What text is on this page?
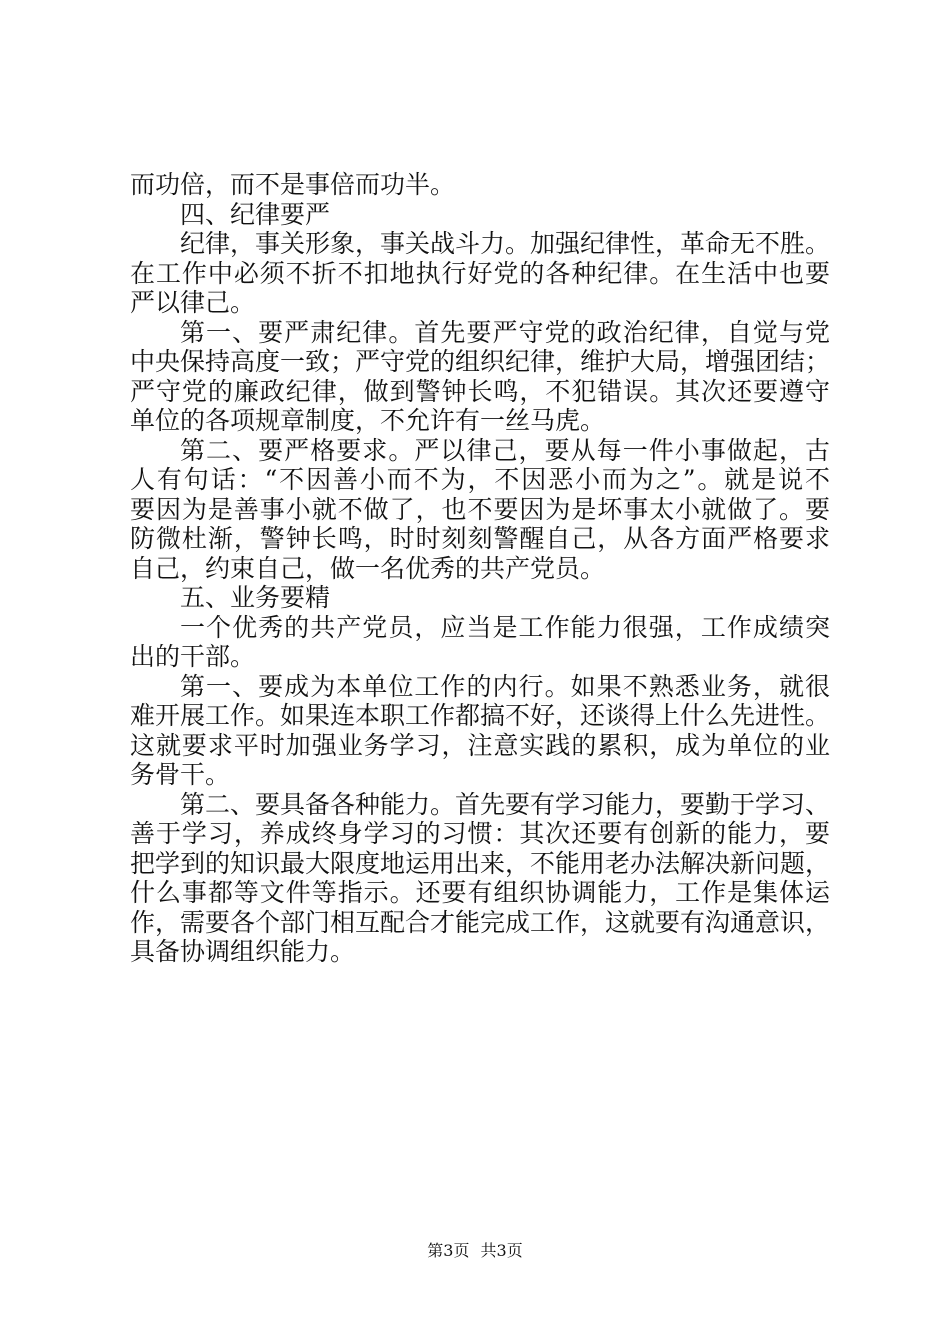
而功倍，而不是事倍而功半。
四、纪律要严
纪律，事关形象，事关战斗力。加强纪律性，革命无不胜。
在工作中必须不折不扣地执行好党的各种纪律。在生活中也要
严以律己。
第一、要严肃纪律。首先要严守党的政治纪律，自觉与党
中央保持高度一致；严守党的组织纪律，维护大局，增强团结；
严守党的廉政纪律，做到警钟长鸣，不犯错误。其次还要遵守
单位的各项规章制度，不允许有一丝马虎。
第二、要严格要求。严以律己，要从每一件小事做起，古
人有句话：“不因善小而不为，不因恶小而为之”。就是说不
要因为是善事小就不做了，也不要因为是坏事太小就做了。要
防微杜渐，警钟长鸣，时时刻刻警醒自己，从各方面严格要求
自己，约束自己，做一名优秀的共产党员。
五、业务要精
一个优秀的共产党员，应当是工作能力很强，工作成绩突
出的干部。
第一、要成为本单位工作的内行。如果不熟悉业务，就很
难开展工作。如果连本职工作都搞不好，还谈得上什么先进性。
这就要求平时加强业务学习，注意实践的累积，成为单位的业
务骨干。
第二、要具备各种能力。首先要有学习能力，要勤于学习、
善于学习，养成终身学习的习惯：其次还要有创新的能力，要
把学到的知识最大限度地运用出来，不能用老办法解决新问题，
什么事都等文件等指示。还要有组织协调能力，工作是集体运
作，需要各个部门相互配合才能完成工作，这就要有沟通意识，
具备协调组织能力。
第3页 共3页
